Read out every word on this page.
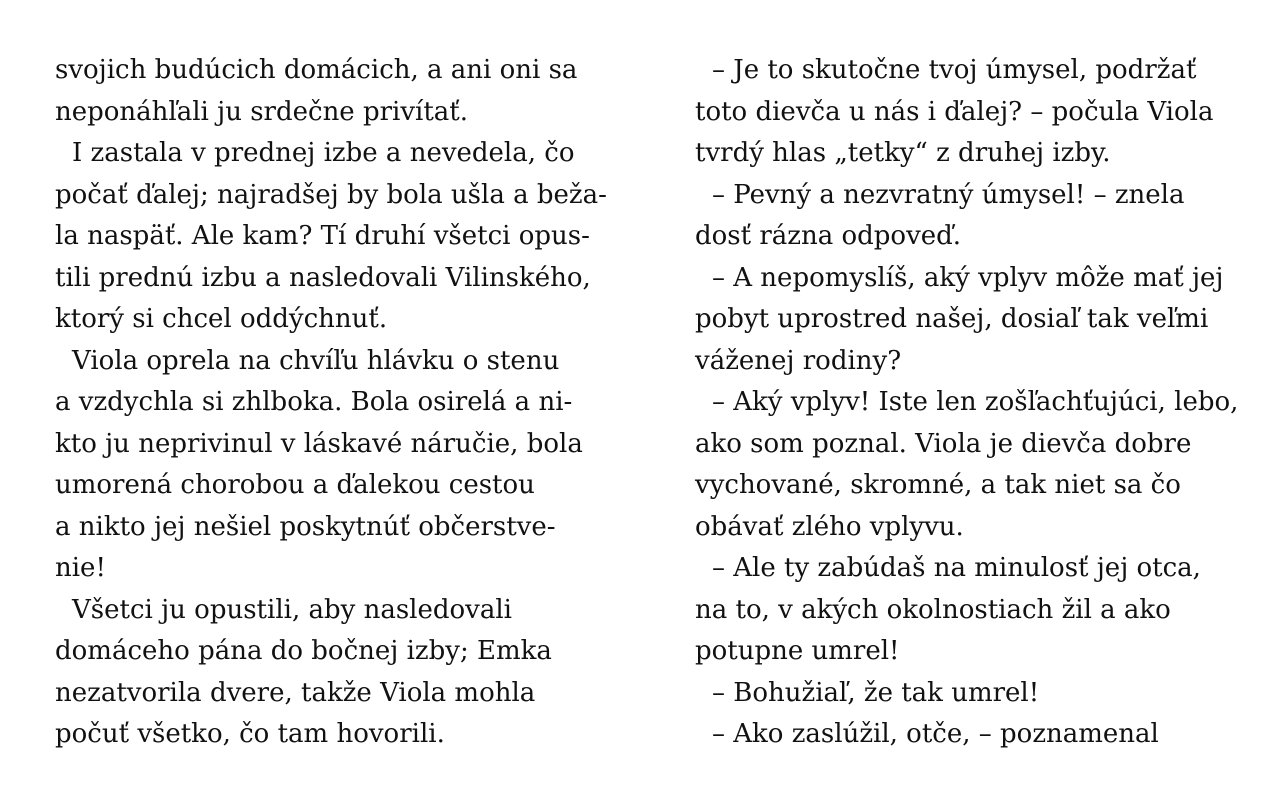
svojich budúcich domácich, a ani oni sa
neponáhľali ju srdečne privítať.
I zastala v prednej izbe a nevedela, čo
počať ďalej; najradšej by bola ušla a beža-
la naspäť. Ale kam? Tí druhí všetci opus-
tili prednú izbu a nasledovali Vilinského,
ktorý si chcel oddýchnuť.
Viola oprela na chvíľu hlávku o stenu
a vzdychla si zhlboka. Bola osirelá a ni-
kto ju neprivinul v láskavé náručie, bola
umorená chorobou a ďalekou cestou
a nikto jej nešiel poskytnúť občerstve-
nie!
Všetci ju opustili, aby nasledovali
domáceho pána do bočnej izby; Emka
nezatvorila dvere, takže Viola mohla
počuť všetko, čo tam hovorili.
– Je to skutočne tvoj úmysel, podržať
toto dievča u nás i ďalej? – počula Viola
tvrdý hlas „tetky“ z druhej izby.
– Pevný a nezvratný úmysel! – znela
dosť rázna odpoveď.
– A nepomyslíš, aký vplyv môže mať jej
pobyt uprostred našej, dosiaľ tak veľmi
váženej rodiny?
– Aký vplyv! Iste len zošľachťujúci, lebo,
ako som poznal. Viola je dievča dobre
vychované, skromné, a tak niet sa čo
obávať zlého vplyvu.
– Ale ty zabúdaš na minulosť jej otca,
na to, v akých okolnostiach žil a ako
potupne umrel!
– Bohužiaľ, že tak umrel!
– Ako zaslúžil, otče, – poznamenal
